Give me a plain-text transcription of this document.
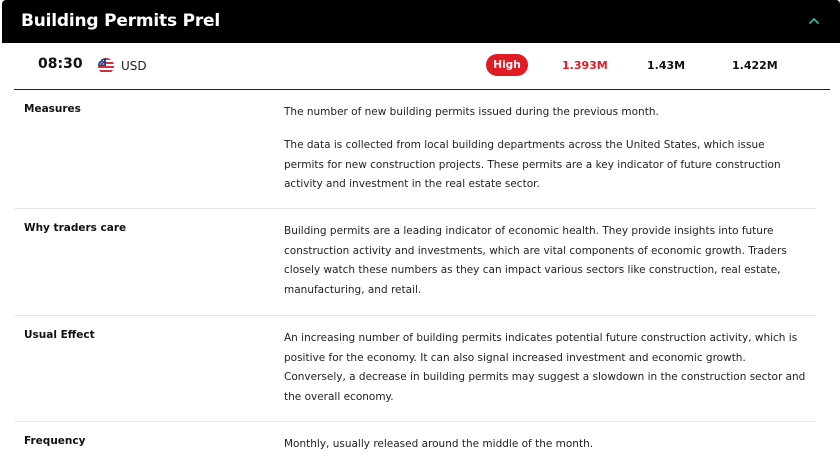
Building Permits Prel
08:30	USD	High	1.393M	1.43M	1.422M
Measures	The number of new building permits issued during the previous month.
The data is collected from local building departments across the United States, which issue permits for new construction projects. These permits are a key indicator of future construction activity and investment in the real estate sector.
Why traders care	Building permits are a leading indicator of economic health. They provide insights into future construction activity and investments, which are vital components of economic growth. Traders closely watch these numbers as they can impact various sectors like construction, real estate, manufacturing, and retail.
Usual Effect	An increasing number of building permits indicates potential future construction activity, which is positive for the economy. It can also signal increased investment and economic growth. Conversely, a decrease in building permits may suggest a slowdown in the construction sector and the overall economy.
Frequency	Monthly, usually released around the middle of the month.
